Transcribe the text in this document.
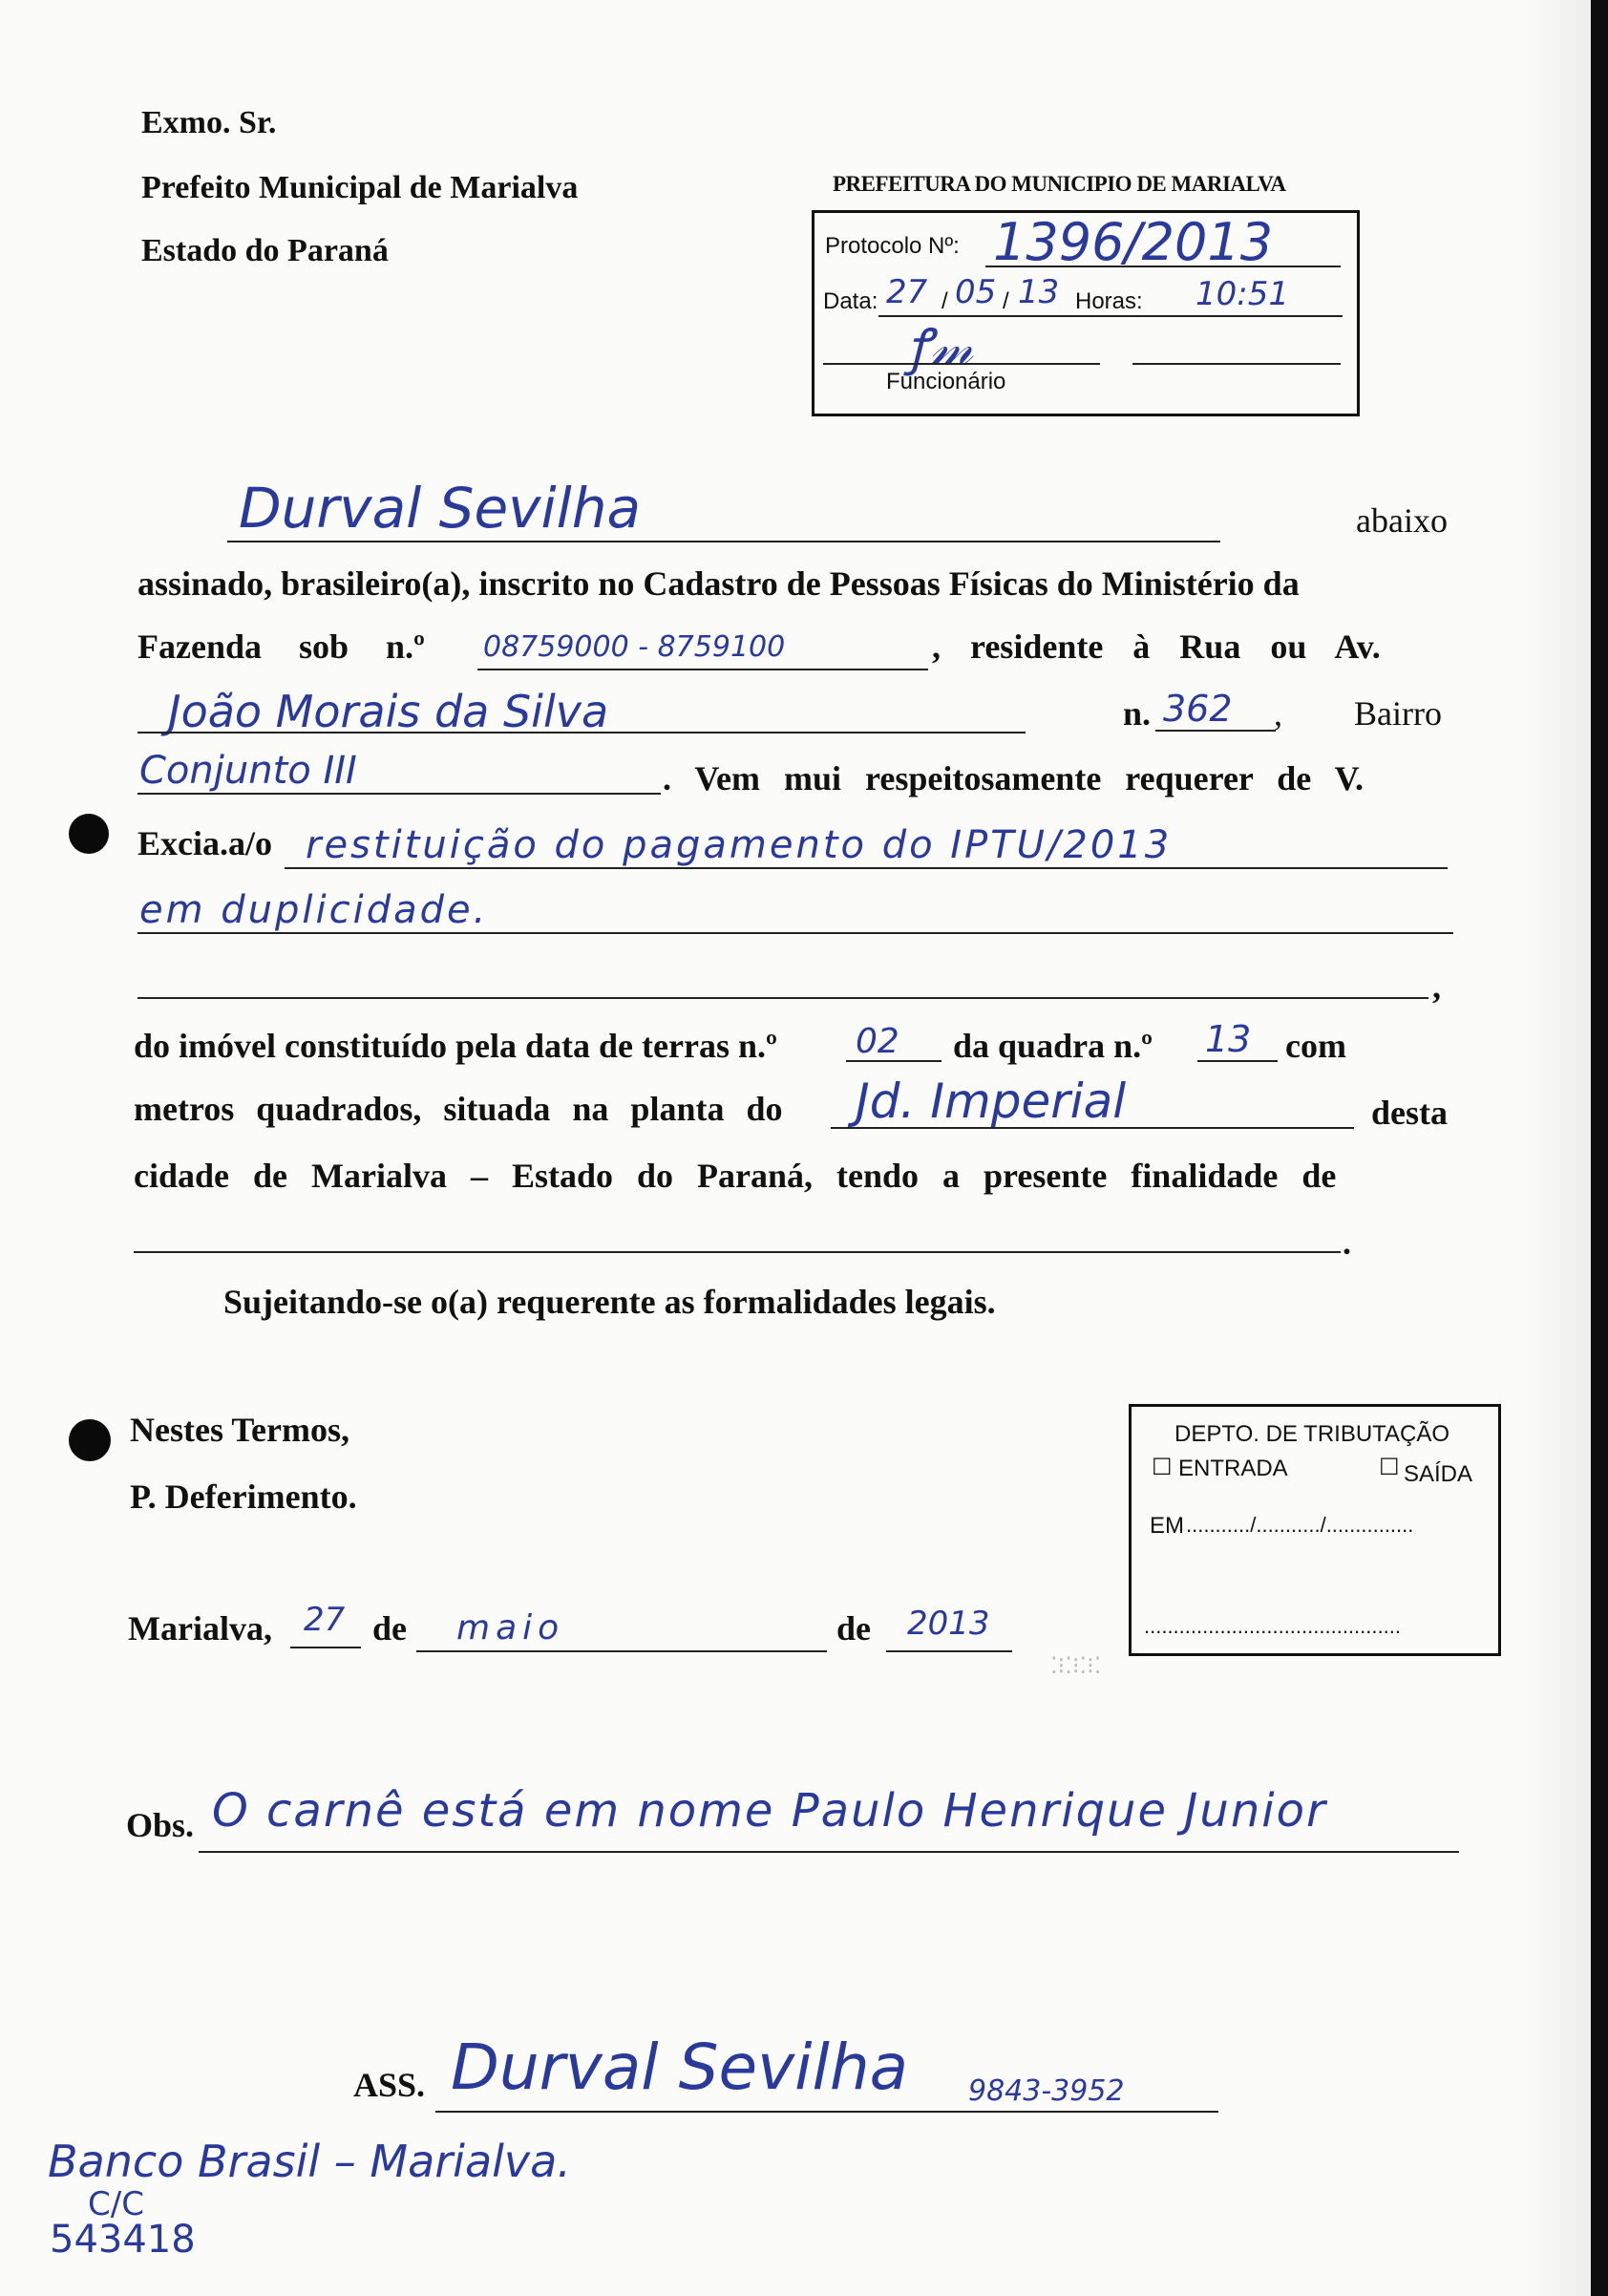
Exmo. Sr.
Prefeito Municipal de Marialva
Estado do Paraná
PREFEITURA DO MUNICIPIO DE MARIALVA
Protocolo Nº: 1396/2013
Data: 27 / 05 / 13 Horas: 10:51
ꝭ𝓂
Funcionário
Durval Sevilha	abaixo
assinado, brasileiro(a), inscrito no Cadastro de Pessoas Físicas do Ministério da
Fazenda sob n.º 08759000 - 8759100	, residente à Rua ou Av.
João Morais da Silva	n. 362 , Bairro
Conjunto III	. Vem mui respeitosamente requerer de V.
Excia.a/o restituição do pagamento do IPTU/2013
em duplicidade.
,
do imóvel constituído pela data de terras n.º 02 da quadra n.º 13 com
metros quadrados, situada na planta do Jd. Imperial	desta
cidade de Marialva – Estado do Paraná, tendo a presente finalidade de
.
Sujeitando-se o(a) requerente as formalidades legais.
Nestes Termos,
P. Deferimento.
DEPTO. DE TRIBUTAÇÃO
☐ ENTRADA	☐ SAÍDA
EM .........../.........../...............
............................................
⁚⁝⁚⁝⁚⁝⁚
Marialva, 27 de maio	de 2013
Obs. O carnê está em nome Paulo Henrique Junior
ASS. Durval Sevilha 9843-3952
Banco Brasil – Marialva.
C/C
543418
